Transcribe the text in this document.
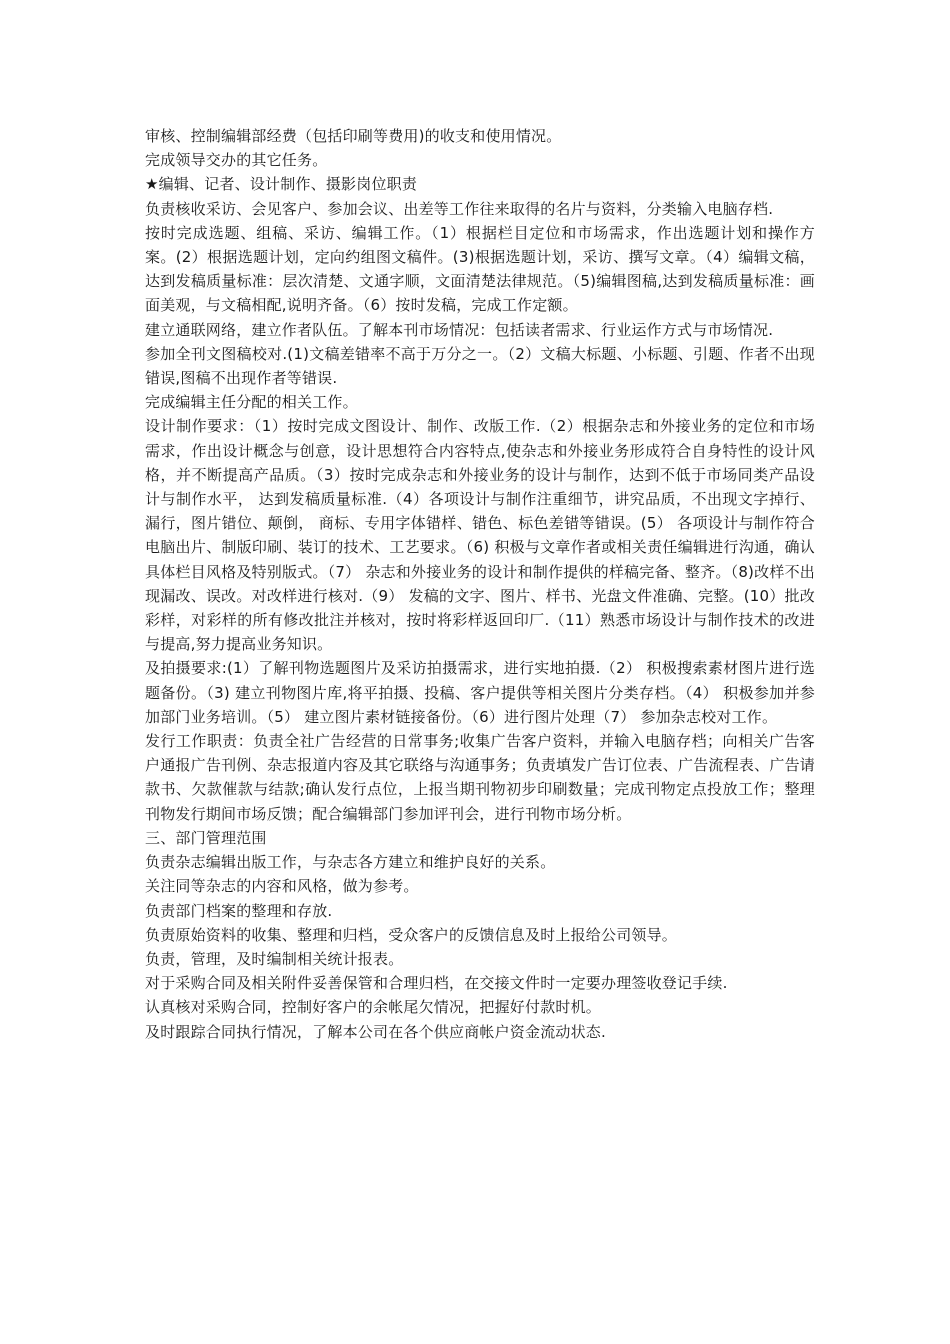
审核、控制编辑部经费（包括印刷等费用)的收支和使用情况。

完成领导交办的其它任务。

★编辑、记者、设计制作、摄影岗位职责

负责核收采访、会见客户、参加会议、出差等工作往来取得的名片与资料，分类输入电脑存档.

按时完成选题、组稿、采访、编辑工作。（1）根据栏目定位和市场需求，作出选题计划和操作方案。(2）根据选题计划，定向约组图文稿件。(3)根据选题计划，采访、撰写文章。（4）编辑文稿，达到发稿质量标准：层次清楚、文通字顺，文面清楚法律规范。（5)编辑图稿,达到发稿质量标准：画面美观，与文稿相配,说明齐备。（6）按时发稿，完成工作定额。

建立通联网络，建立作者队伍。了解本刊市场情况：包括读者需求、行业运作方式与市场情况.

参加全刊文图稿校对.(1)文稿差错率不高于万分之一。（2）文稿大标题、小标题、引题、作者不出现错误,图稿不出现作者等错误.

完成编辑主任分配的相关工作。

设计制作要求：（1）按时完成文图设计、制作、改版工作.（2）根据杂志和外接业务的定位和市场需求，作出设计概念与创意，设计思想符合内容特点,使杂志和外接业务形成符合自身特性的设计风格，并不断提高产品质。（3）按时完成杂志和外接业务的设计与制作，达到不低于市场同类产品设计与制作水平， 达到发稿质量标准.（4）各项设计与制作注重细节，讲究品质，不出现文字掉行、漏行，图片错位、颠倒， 商标、专用字体错样、错色、标色差错等错误。(5） 各项设计与制作符合电脑出片、制版印刷、装订的技术、工艺要求。（6) 积极与文章作者或相关责任编辑进行沟通，确认具体栏目风格及特别版式。（7） 杂志和外接业务的设计和制作提供的样稿完备、整齐。（8)改样不出现漏改、误改。对改样进行核对.（9） 发稿的文字、图片、样书、光盘文件准确、完整。(10）批改彩样，对彩样的所有修改批注并核对，按时将彩样返回印厂.（11）熟悉市场设计与制作技术的改进与提高,努力提高业务知识。

及拍摄要求:(1）了解刊物选题图片及采访拍摄需求，进行实地拍摄.（2） 积极搜索素材图片进行选题备份。（3) 建立刊物图片库,将平拍摄、投稿、客户提供等相关图片分类存档。（4） 积极参加并参加部门业务培训。（5） 建立图片素材链接备份。（6）进行图片处理（7） 参加杂志校对工作。

发行工作职责：负责全社广告经营的日常事务;收集广告客户资料，并输入电脑存档；向相关广告客户通报广告刊例、杂志报道内容及其它联络与沟通事务；负责填发广告订位表、广告流程表、广告请款书、欠款催款与结款;确认发行点位，上报当期刊物初步印刷数量；完成刊物定点投放工作；整理刊物发行期间市场反馈；配合编辑部门参加评刊会，进行刊物市场分析。

三、部门管理范围

负责杂志编辑出版工作，与杂志各方建立和维护良好的关系。

关注同等杂志的内容和风格，做为参考。

负责部门档案的整理和存放.

负责原始资料的收集、整理和归档，受众客户的反馈信息及时上报给公司领导。

负责，管理，及时编制相关统计报表。

对于采购合同及相关附件妥善保管和合理归档，在交接文件时一定要办理签收登记手续.

认真核对采购合同，控制好客户的余帐尾欠情况，把握好付款时机。

及时跟踪合同执行情况，了解本公司在各个供应商帐户资金流动状态.
